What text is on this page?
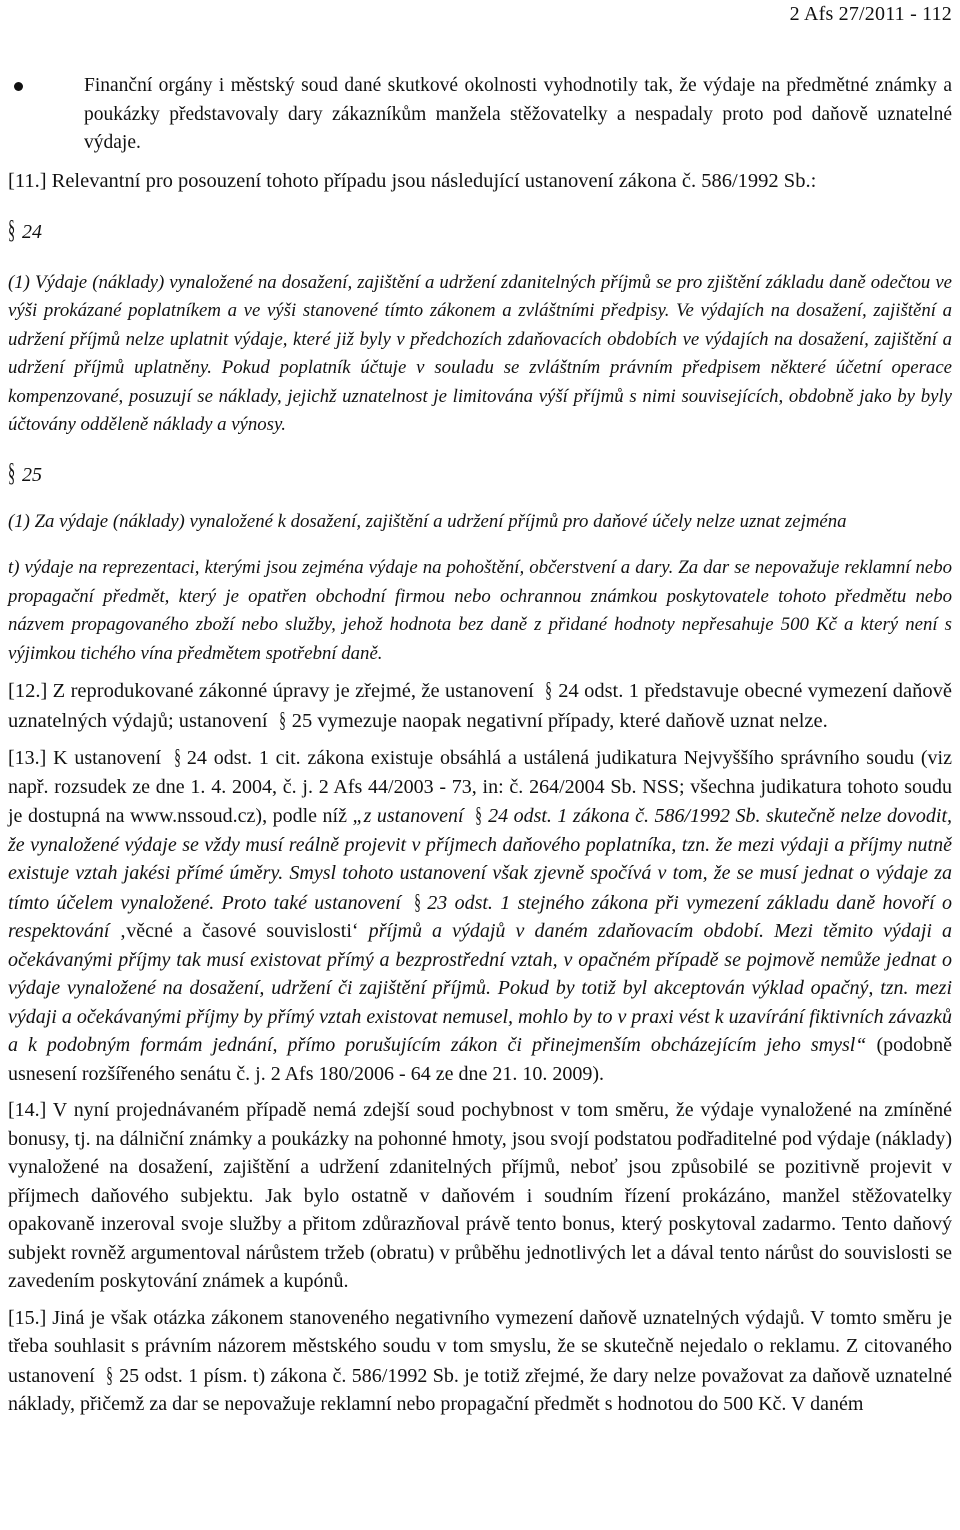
2 Afs 27/2011 - 112

Finanční orgány i městský soud dané skutkové okolnosti vyhodnotily tak, že výdaje na předmětné známky a poukázky představovaly dary zákazníkům manžela stěžovatelky a nespadaly proto pod daňově uznatelné výdaje.

[11.] Relevantní pro posouzení tohoto případu jsou následující ustanovení zákona č. 586/1992 Sb.:

§ 24

(1) Výdaje (náklady) vynaložené na dosažení, zajištění a udržení zdanitelných příjmů se pro zjištění základu daně odečtou ve výši prokázané poplatníkem a ve výši stanovené tímto zákonem a zvláštními předpisy. Ve výdajích na dosažení, zajištění a udržení příjmů nelze uplatnit výdaje, které již byly v předchozích zdaňovacích obdobích ve výdajích na dosažení, zajištění a udržení příjmů uplatněny. Pokud poplatník účtuje v souladu se zvláštním právním předpisem některé účetní operace kompenzované, posuzují se náklady, jejichž uznatelnost je limitována výší příjmů s nimi souvisejících, obdobně jako by byly účtovány odděleně náklady a výnosy.

§ 25

(1) Za výdaje (náklady) vynaložené k dosažení, zajištění a udržení příjmů pro daňové účely nelze uznat zejména

t) výdaje na reprezentaci, kterými jsou zejména výdaje na pohoštění, občerstvení a dary. Za dar se nepovažuje reklamní nebo propagační předmět, který je opatřen obchodní firmou nebo ochrannou známkou poskytovatele tohoto předmětu nebo názvem propagovaného zboží nebo služby, jehož hodnota bez daně z přidané hodnoty nepřesahuje 500 Kč a který není s výjimkou tichého vína předmětem spotřební daně.

[12.] Z reprodukované zákonné úpravy je zřejmé, že ustanovení § 24 odst. 1 představuje obecné vymezení daňově uznatelných výdajů; ustanovení § 25 vymezuje naopak negativní případy, které daňově uznat nelze.

[13.] K ustanovení § 24 odst. 1 cit. zákona existuje obsáhlá a ustálená judikatura Nejvyššího správního soudu (viz např. rozsudek ze dne 1. 4. 2004, č. j. 2 Afs 44/2003 - 73, in: č. 264/2004 Sb. NSS; všechna judikatura tohoto soudu je dostupná na www.nssoud.cz), podle níž „z ustanovení § 24 odst. 1 zákona č. 586/1992 Sb. skutečně nelze dovodit, že vynaložené výdaje se vždy musí reálně projevit v příjmech daňového poplatníka, tzn. že mezi výdaji a příjmy nutně existuje vztah jakési přímé úměry. Smysl tohoto ustanovení však zjevně spočívá v tom, že se musí jednat o výdaje za tímto účelem vynaložené. Proto také ustanovení § 23 odst. 1 stejného zákona při vymezení základu daně hovoří o respektování ‚věcné a časové souvislosti‘ příjmů a výdajů v daném zdaňovacím období. Mezi těmito výdaji a očekávanými příjmy tak musí existovat přímý a bezprostřední vztah, v opačném případě se pojmově nemůže jednat o výdaje vynaložené na dosažení, udržení či zajištění příjmů. Pokud by totiž byl akceptován výklad opačný, tzn. mezi výdaji a očekávanými příjmy by přímý vztah existovat nemusel, mohlo by to v praxi vést k uzavírání fiktivních závazků a k podobným formám jednání, přímo porušujícím zákon či přinejmenším obcházejícím jeho smysl“ (podobně usnesení rozšířeného senátu č. j. 2 Afs 180/2006 - 64 ze dne 21. 10. 2009).

[14.] V nyní projednávaném případě nemá zdejší soud pochybnost v tom směru, že výdaje vynaložené na zmíněné bonusy, tj. na dálniční známky a poukázky na pohonné hmoty, jsou svojí podstatou podřaditelné pod výdaje (náklady) vynaložené na dosažení, zajištění a udržení zdanitelných příjmů, neboť jsou způsobilé se pozitivně projevit v příjmech daňového subjektu. Jak bylo ostatně v daňovém i soudním řízení prokázáno, manžel stěžovatelky opakovaně inzeroval svoje služby a přitom zdůrazňoval právě tento bonus, který poskytoval zadarmo. Tento daňový subjekt rovněž argumentoval nárůstem tržeb (obratu) v průběhu jednotlivých let a dával tento nárůst do souvislosti se zavedením poskytování známek a kupónů.

[15.] Jiná je však otázka zákonem stanoveného negativního vymezení daňově uznatelných výdajů. V tomto směru je třeba souhlasit s právním názorem městského soudu v tom smyslu, že se skutečně nejedalo o reklamu. Z citovaného ustanovení § 25 odst. 1 písm. t) zákona č. 586/1992 Sb. je totiž zřejmé, že dary nelze považovat za daňově uznatelné náklady, přičemž za dar se nepovažuje reklamní nebo propagační předmět s hodnotou do 500 Kč. V daném
